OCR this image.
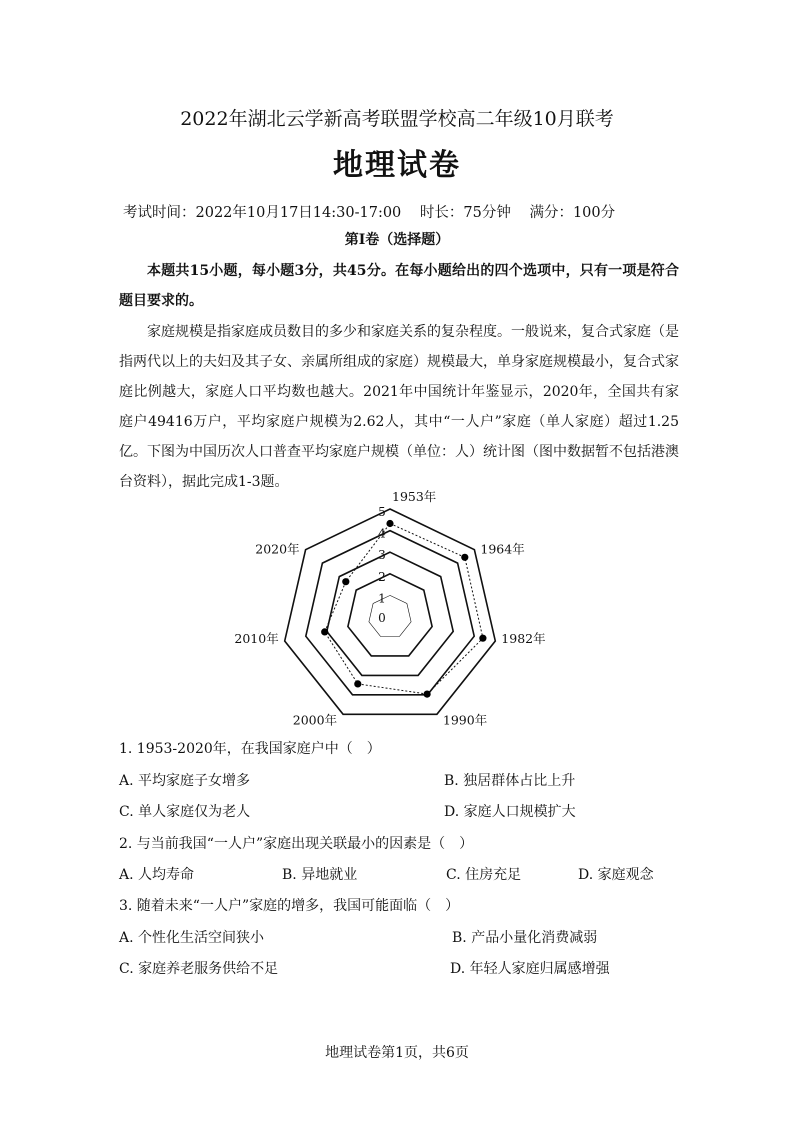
2022年湖北云学新高考联盟学校高二年级10月联考
地理试卷
考试时间：2022年10月17日14:30-17:00 时长：75分钟 满分：100分
第Ⅰ卷（选择题）
本题共15小题，每小题3分，共45分。在每小题给出的四个选项中，只有一项是符合题目要求的。
家庭规模是指家庭成员数目的多少和家庭关系的复杂程度。一般说来，复合式家庭（是指两代以上的夫妇及其子女、亲属所组成的家庭）规模最大，单身家庭规模最小，复合式家庭比例越大，家庭人口平均数也越大。2021年中国统计年鉴显示，2020年，全国共有家庭户49416万户，平均家庭户规模为2.62人，其中“一人户”家庭（单人家庭）超过1.25亿。下图为中国历次人口普查平均家庭户规模（单位：人）统计图（图中数据暂不包括港澳台资料），据此完成1-3题。
0
1
2
3
4
5
1953年
1964年
1982年
1990年
2000年
2010年
2020年
1. 1953-2020年，在我国家庭户中（　）
A. 平均家庭子女增多	B. 独居群体占比上升
C. 单人家庭仅为老人	D. 家庭人口规模扩大
2. 与当前我国“一人户”家庭出现关联最小的因素是（　）
A. 人均寿命	B. 异地就业	C. 住房充足	D. 家庭观念
3. 随着未来“一人户”家庭的增多，我国可能面临（　）
A. 个性化生活空间狭小	B. 产品小量化消费减弱
C. 家庭养老服务供给不足	D. 年轻人家庭归属感增强
地理试卷第1页，共6页
